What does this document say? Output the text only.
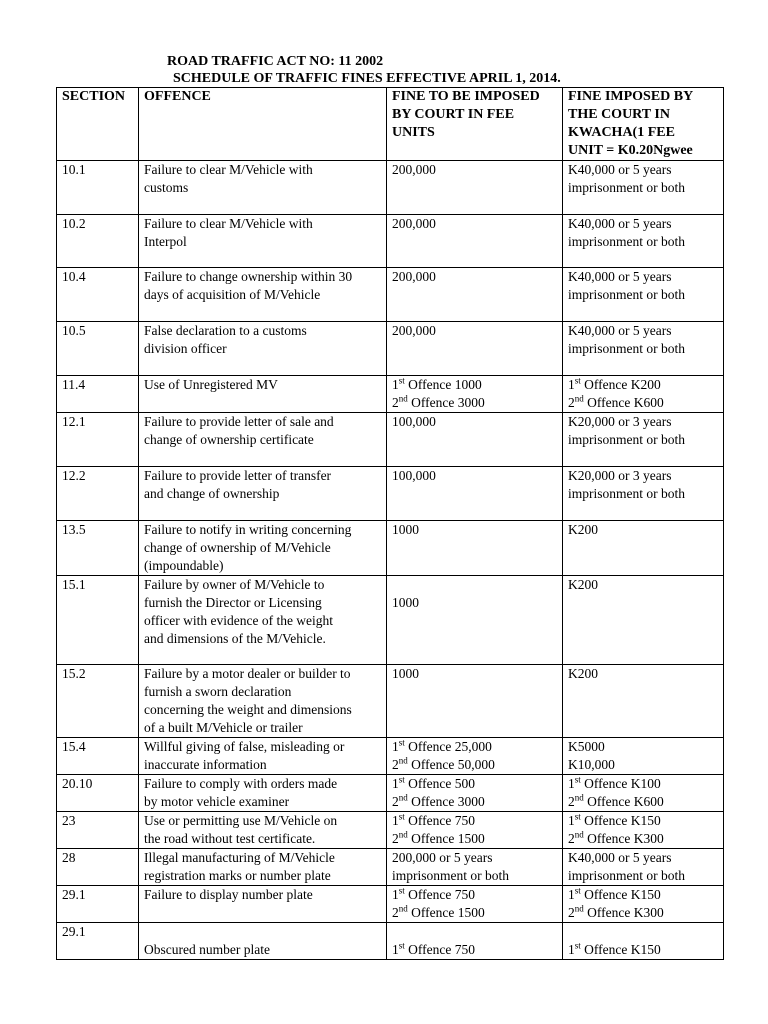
ROAD TRAFFIC ACT NO: 11 2002
SCHEDULE OF TRAFFIC FINES EFFECTIVE APRIL 1, 2014.
SECTION	OFFENCE	FINE TO BE IMPOSED
BY COURT IN FEE
UNITS	FINE IMPOSED BY
THE COURT IN
KWACHA(1 FEE
UNIT = K0.20Ngwee

10.1	Failure to clear M/Vehicle with
customs	200,000	K40,000 or 5 years
imprisonment or both

10.2	Failure to clear M/Vehicle with
Interpol	200,000	K40,000 or 5 years
imprisonment or both

10.4	Failure to change ownership within 30
days of acquisition of M/Vehicle	200,000	K40,000 or 5 years
imprisonment or both

10.5	False declaration to a customs
division officer	200,000	K40,000 or 5 years
imprisonment or both

11.4	Use of Unregistered MV	1st Offence 1000
2nd Offence 3000	1st Offence K200
2nd Offence K600

12.1	Failure to provide letter of sale and
change of ownership certificate	100,000	K20,000 or 3 years
imprisonment or both

12.2	Failure to provide letter of transfer
and change of ownership	100,000	K20,000 or 3 years
imprisonment or both

13.5	Failure to notify in writing concerning
change of ownership of M/Vehicle
(impoundable)	1000	K200

15.1	Failure by owner of M/Vehicle to
furnish the Director or Licensing
officer with evidence of the weight
and dimensions of the M/Vehicle.	1000	K200

15.2	Failure by a motor dealer or builder to
furnish a sworn declaration
concerning the weight and dimensions
of a built M/Vehicle or trailer	1000	K200

15.4	Willful giving of false, misleading or
inaccurate information	1st Offence 25,000
2nd Offence 50,000	K5000
K10,000

20.10	Failure to comply with orders made
by motor vehicle examiner	1st Offence 500
2nd Offence 3000	1st Offence K100
2nd Offence K600

23	Use or permitting use M/Vehicle on
the road without test certificate.	1st Offence 750
2nd Offence 1500	1st Offence K150
2nd Offence K300

28	Illegal manufacturing of M/Vehicle
registration marks or number plate	200,000 or 5 years
imprisonment or both	K40,000 or 5 years
imprisonment or both

29.1	Failure to display number plate	1st Offence 750
2nd Offence 1500	1st Offence K150
2nd Offence K300

29.1	Obscured number plate	1st Offence 750	1st Offence K150
